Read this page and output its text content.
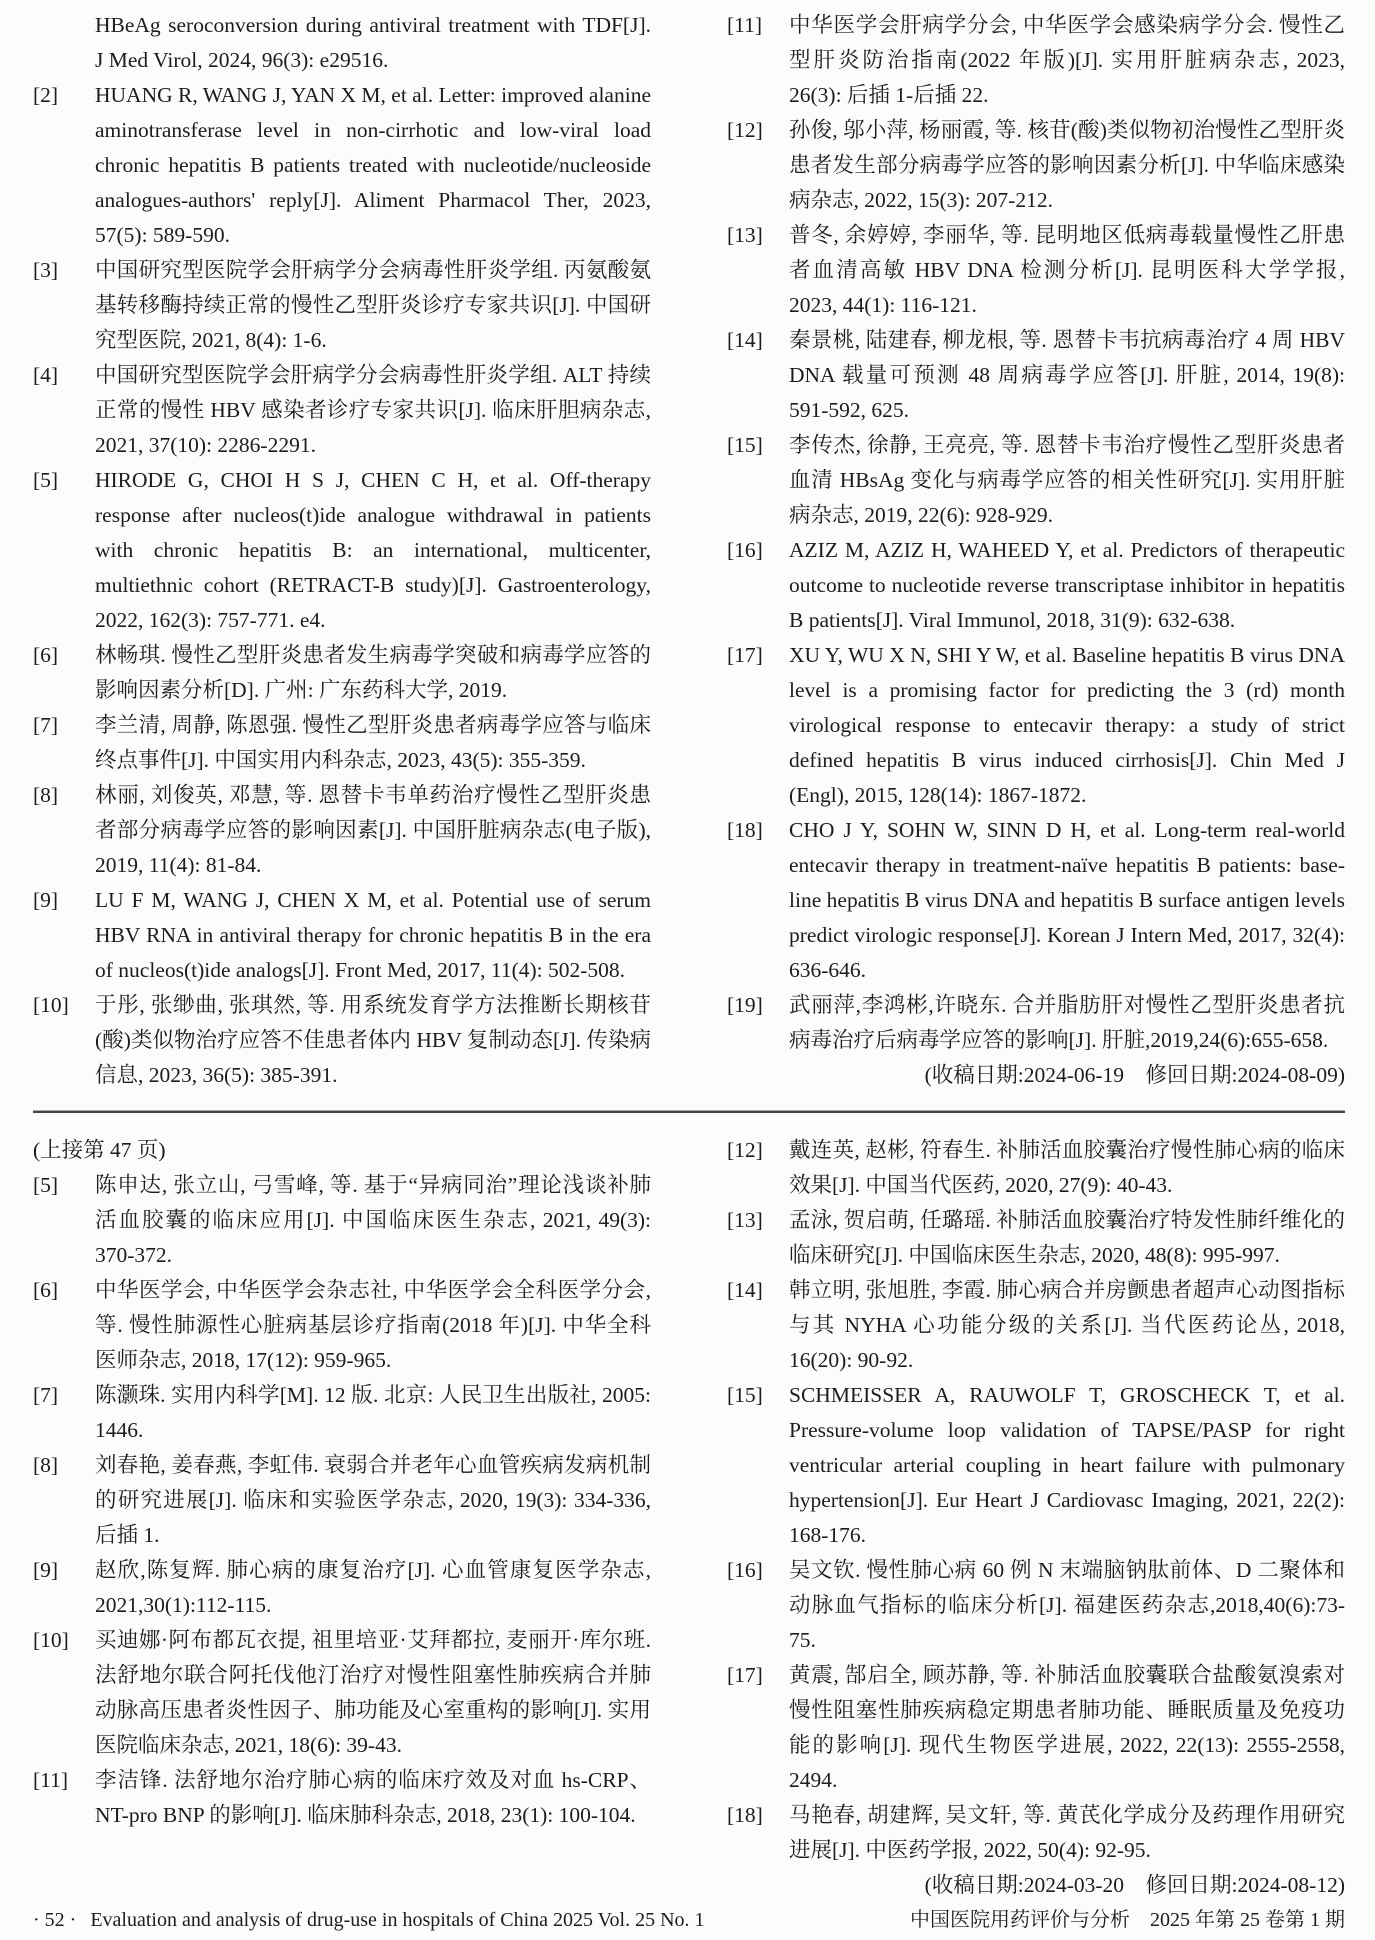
HBeAg seroconversion during antiviral treatment with TDF[J]. J Med Virol, 2024, 96(3): e29516.
[2]	HUANG R, WANG J, YAN X M, et al. Letter: improved alanine aminotransferase level in non-cirrhotic and low-viral load chronic hepatitis B patients treated with nucleotide/nucleoside analogues-authors' reply[J]. Aliment Pharmacol Ther, 2023, 57(5): 589-590.
[3]	中国研究型医院学会肝病学分会病毒性肝炎学组. 丙氨酸氨基转移酶持续正常的慢性乙型肝炎诊疗专家共识[J]. 中国研究型医院, 2021, 8(4): 1-6.
[4]	中国研究型医院学会肝病学分会病毒性肝炎学组. ALT 持续正常的慢性 HBV 感染者诊疗专家共识[J]. 临床肝胆病杂志, 2021, 37(10): 2286-2291.
[5]	HIRODE G, CHOI H S J, CHEN C H, et al. Off-therapy response after nucleos(t)ide analogue withdrawal in patients with chronic hepatitis B: an international, multicenter, multiethnic cohort (RETRACT-B study)[J]. Gastroenterology, 2022, 162(3): 757-771. e4.
[6]	林畅琪. 慢性乙型肝炎患者发生病毒学突破和病毒学应答的影响因素分析[D]. 广州: 广东药科大学, 2019.
[7]	李兰清, 周静, 陈恩强. 慢性乙型肝炎患者病毒学应答与临床终点事件[J]. 中国实用内科杂志, 2023, 43(5): 355-359.
[8]	林丽, 刘俊英, 邓慧, 等. 恩替卡韦单药治疗慢性乙型肝炎患者部分病毒学应答的影响因素[J]. 中国肝脏病杂志(电子版), 2019, 11(4): 81-84.
[9]	LU F M, WANG J, CHEN X M, et al. Potential use of serum HBV RNA in antiviral therapy for chronic hepatitis B in the era of nucleos(t)ide analogs[J]. Front Med, 2017, 11(4): 502-508.
[10]	于彤, 张缈曲, 张琪然, 等. 用系统发育学方法推断长期核苷(酸)类似物治疗应答不佳患者体内 HBV 复制动态[J]. 传染病信息, 2023, 36(5): 385-391.
[11]	中华医学会肝病学分会, 中华医学会感染病学分会. 慢性乙型肝炎防治指南(2022 年版)[J]. 实用肝脏病杂志, 2023, 26(3): 后插 1-后插 22.
[12]	孙俊, 邬小萍, 杨丽霞, 等. 核苷(酸)类似物初治慢性乙型肝炎患者发生部分病毒学应答的影响因素分析[J]. 中华临床感染病杂志, 2022, 15(3): 207-212.
[13]	普冬, 余婷婷, 李丽华, 等. 昆明地区低病毒载量慢性乙肝患者血清高敏 HBV DNA 检测分析[J]. 昆明医科大学学报, 2023, 44(1): 116-121.
[14]	秦景桃, 陆建春, 柳龙根, 等. 恩替卡韦抗病毒治疗 4 周 HBV DNA 载量可预测 48 周病毒学应答[J]. 肝脏, 2014, 19(8): 591-592, 625.
[15]	李传杰, 徐静, 王亮亮, 等. 恩替卡韦治疗慢性乙型肝炎患者血清 HBsAg 变化与病毒学应答的相关性研究[J]. 实用肝脏病杂志, 2019, 22(6): 928-929.
[16]	AZIZ M, AZIZ H, WAHEED Y, et al. Predictors of therapeutic outcome to nucleotide reverse transcriptase inhibitor in hepatitis B patients[J]. Viral Immunol, 2018, 31(9): 632-638.
[17]	XU Y, WU X N, SHI Y W, et al. Baseline hepatitis B virus DNA level is a promising factor for predicting the 3 (rd) month virological response to entecavir therapy: a study of strict defined hepatitis B virus induced cirrhosis[J]. Chin Med J (Engl), 2015, 128(14): 1867-1872.
[18]	CHO J Y, SOHN W, SINN D H, et al. Long-term real-world entecavir therapy in treatment-naïve hepatitis B patients: base-line hepatitis B virus DNA and hepatitis B surface antigen levels predict virologic response[J]. Korean J Intern Med, 2017, 32(4): 636-646.
[19]	武丽萍,李鸿彬,许晓东. 合并脂肪肝对慢性乙型肝炎患者抗病毒治疗后病毒学应答的影响[J]. 肝脏,2019,24(6):655-658.
(收稿日期:2024-06-19 修回日期:2024-08-09)
(上接第 47 页)
[5]	陈申达, 张立山, 弓雪峰, 等. 基于“异病同治”理论浅谈补肺活血胶囊的临床应用[J]. 中国临床医生杂志, 2021, 49(3): 370-372.
[6]	中华医学会, 中华医学会杂志社, 中华医学会全科医学分会, 等. 慢性肺源性心脏病基层诊疗指南(2018 年)[J]. 中华全科医师杂志, 2018, 17(12): 959-965.
[7]	陈灏珠. 实用内科学[M]. 12 版. 北京: 人民卫生出版社, 2005: 1446.
[8]	刘春艳, 姜春燕, 李虹伟. 衰弱合并老年心血管疾病发病机制的研究进展[J]. 临床和实验医学杂志, 2020, 19(3): 334-336, 后插 1.
[9]	赵欣,陈复辉. 肺心病的康复治疗[J]. 心血管康复医学杂志, 2021,30(1):112-115.
[10]	买迪娜·阿布都瓦衣提, 祖里培亚·艾拜都拉, 麦丽开·库尔班. 法舒地尔联合阿托伐他汀治疗对慢性阻塞性肺疾病合并肺动脉高压患者炎性因子、肺功能及心室重构的影响[J]. 实用医院临床杂志, 2021, 18(6): 39-43.
[11]	李洁锋. 法舒地尔治疗肺心病的临床疗效及对血 hs-CRP、NT-pro BNP 的影响[J]. 临床肺科杂志, 2018, 23(1): 100-104.
[12]	戴连英, 赵彬, 符春生. 补肺活血胶囊治疗慢性肺心病的临床效果[J]. 中国当代医药, 2020, 27(9): 40-43.
[13]	孟泳, 贺启萌, 任璐瑶. 补肺活血胶囊治疗特发性肺纤维化的临床研究[J]. 中国临床医生杂志, 2020, 48(8): 995-997.
[14]	韩立明, 张旭胜, 李霞. 肺心病合并房颤患者超声心动图指标与其 NYHA 心功能分级的关系[J]. 当代医药论丛, 2018, 16(20): 90-92.
[15]	SCHMEISSER A, RAUWOLF T, GROSCHECK T, et al. Pressure-volume loop validation of TAPSE/PASP for right ventricular arterial coupling in heart failure with pulmonary hypertension[J]. Eur Heart J Cardiovasc Imaging, 2021, 22(2): 168-176.
[16]	吴文钦. 慢性肺心病 60 例 N 末端脑钠肽前体、D 二聚体和动脉血气指标的临床分析[J]. 福建医药杂志,2018,40(6):73-75.
[17]	黄震, 郜启全, 顾苏静, 等. 补肺活血胶囊联合盐酸氨溴索对慢性阻塞性肺疾病稳定期患者肺功能、睡眠质量及免疫功能的影响[J]. 现代生物医学进展, 2022, 22(13): 2555-2558, 2494.
[18]	马艳春, 胡建辉, 吴文轩, 等. 黄芪化学成分及药理作用研究进展[J]. 中医药学报, 2022, 50(4): 92-95.
(收稿日期:2024-03-20 修回日期:2024-08-12)
· 52 · Evaluation and analysis of drug-use in hospitals of China 2025 Vol. 25 No. 1	中国医院用药评价与分析 2025 年第 25 卷第 1 期
